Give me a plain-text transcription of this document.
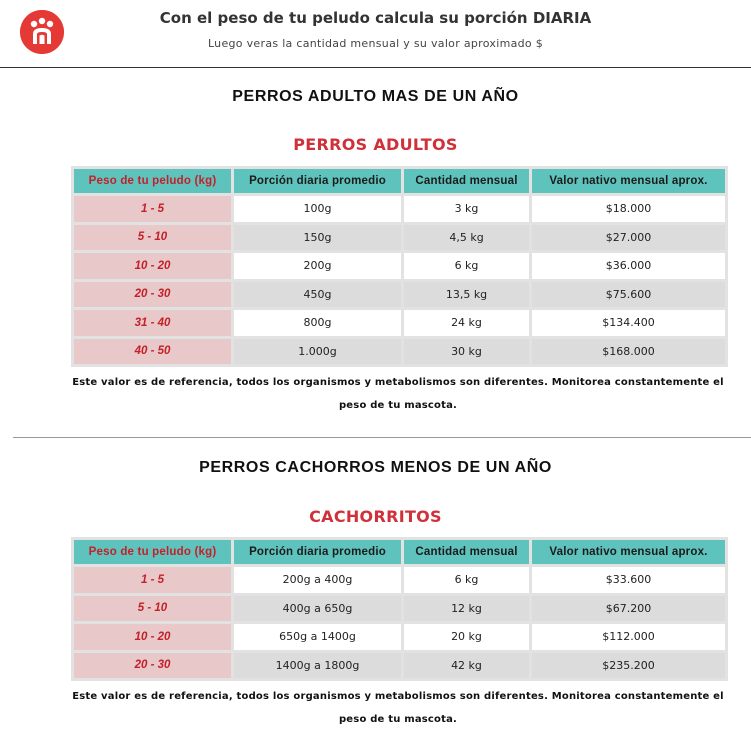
Con el peso de tu peludo calcula su porción DIARIA
Luego veras la cantidad mensual y su valor aproximado $
PERROS ADULTO MAS DE UN AÑO
PERROS ADULTOS
Peso de tu peludo (kg)	Porción diaria promedio	Cantidad mensual	Valor nativo mensual aprox.
1 - 5	100g	3 kg	$18.000
5 - 10	150g	4,5 kg	$27.000
10 - 20	200g	6 kg	$36.000
20 - 30	450g	13,5 kg	$75.600
31 - 40	800g	24 kg	$134.400
40 - 50	1.000g	30 kg	$168.000
Este valor es de referencia, todos los organismos y metabolismos son diferentes. Monitorea constantemente el
peso de tu mascota.
PERROS CACHORROS MENOS DE UN AÑO
CACHORRITOS
Peso de tu peludo (kg)	Porción diaria promedio	Cantidad mensual	Valor nativo mensual aprox.
1 - 5	200g a 400g	6 kg	$33.600
5 - 10	400g a 650g	12 kg	$67.200
10 - 20	650g a 1400g	20 kg	$112.000
20 - 30	1400g a 1800g	42 kg	$235.200
Este valor es de referencia, todos los organismos y metabolismos son diferentes. Monitorea constantemente el
peso de tu mascota.
